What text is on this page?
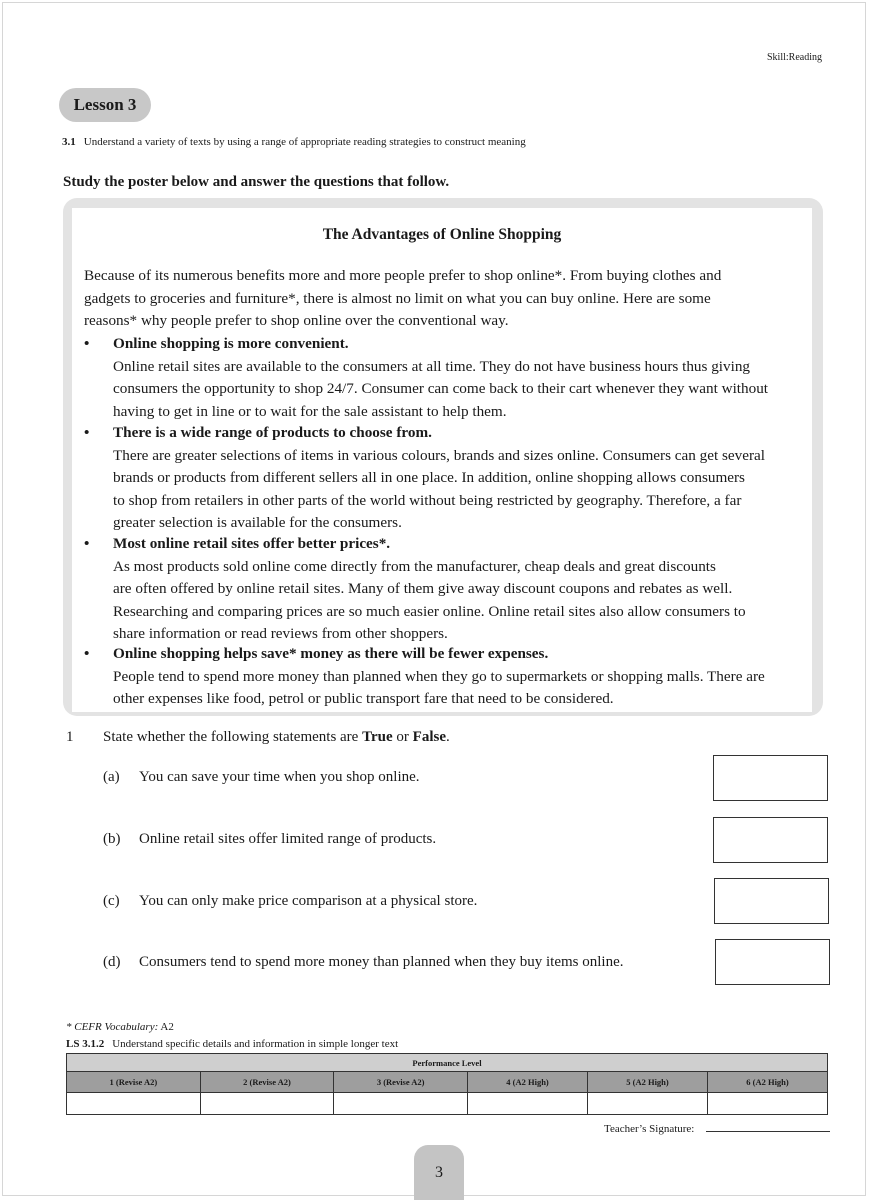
Skill:Reading
Lesson 3
3.1 Understand a variety of texts by using a range of appropriate reading strategies to construct meaning
Study the poster below and answer the questions that follow.
The Advantages of Online Shopping
Because of its numerous benefits more and more people prefer to shop online*. From buying clothes and
gadgets to groceries and furniture*, there is almost no limit on what you can buy online. Here are some
reasons* why people prefer to shop online over the conventional way.
• Online shopping is more convenient.
Online retail sites are available to the consumers at all time. They do not have business hours thus giving
consumers the opportunity to shop 24/7. Consumer can come back to their cart whenever they want without
having to get in line or to wait for the sale assistant to help them.
• There is a wide range of products to choose from.
There are greater selections of items in various colours, brands and sizes online. Consumers can get several
brands or products from different sellers all in one place. In addition, online shopping allows consumers
to shop from retailers in other parts of the world without being restricted by geography. Therefore, a far
greater selection is available for the consumers.
• Most online retail sites offer better prices*.
As most products sold online come directly from the manufacturer, cheap deals and great discounts
are often offered by online retail sites. Many of them give away discount coupons and rebates as well.
Researching and comparing prices are so much easier online. Online retail sites also allow consumers to
share information or read reviews from other shoppers.
• Online shopping helps save* money as there will be fewer expenses.
People tend to spend more money than planned when they go to supermarkets or shopping malls. There are
other expenses like food, petrol or public transport fare that need to be considered.
1 State whether the following statements are True or False.
(a) You can save your time when you shop online.
(b) Online retail sites offer limited range of products.
(c) You can only make price comparison at a physical store.
(d) Consumers tend to spend more money than planned when they buy items online.
* CEFR Vocabulary: A2
LS 3.1.2 Understand specific details and information in simple longer text
Performance Level					
1 (Revise A2)	2 (Revise A2)	3 (Revise A2)	4 (A2 High)	5 (A2 High)	6 (A2 High)

Teacher’s Signature:
3
